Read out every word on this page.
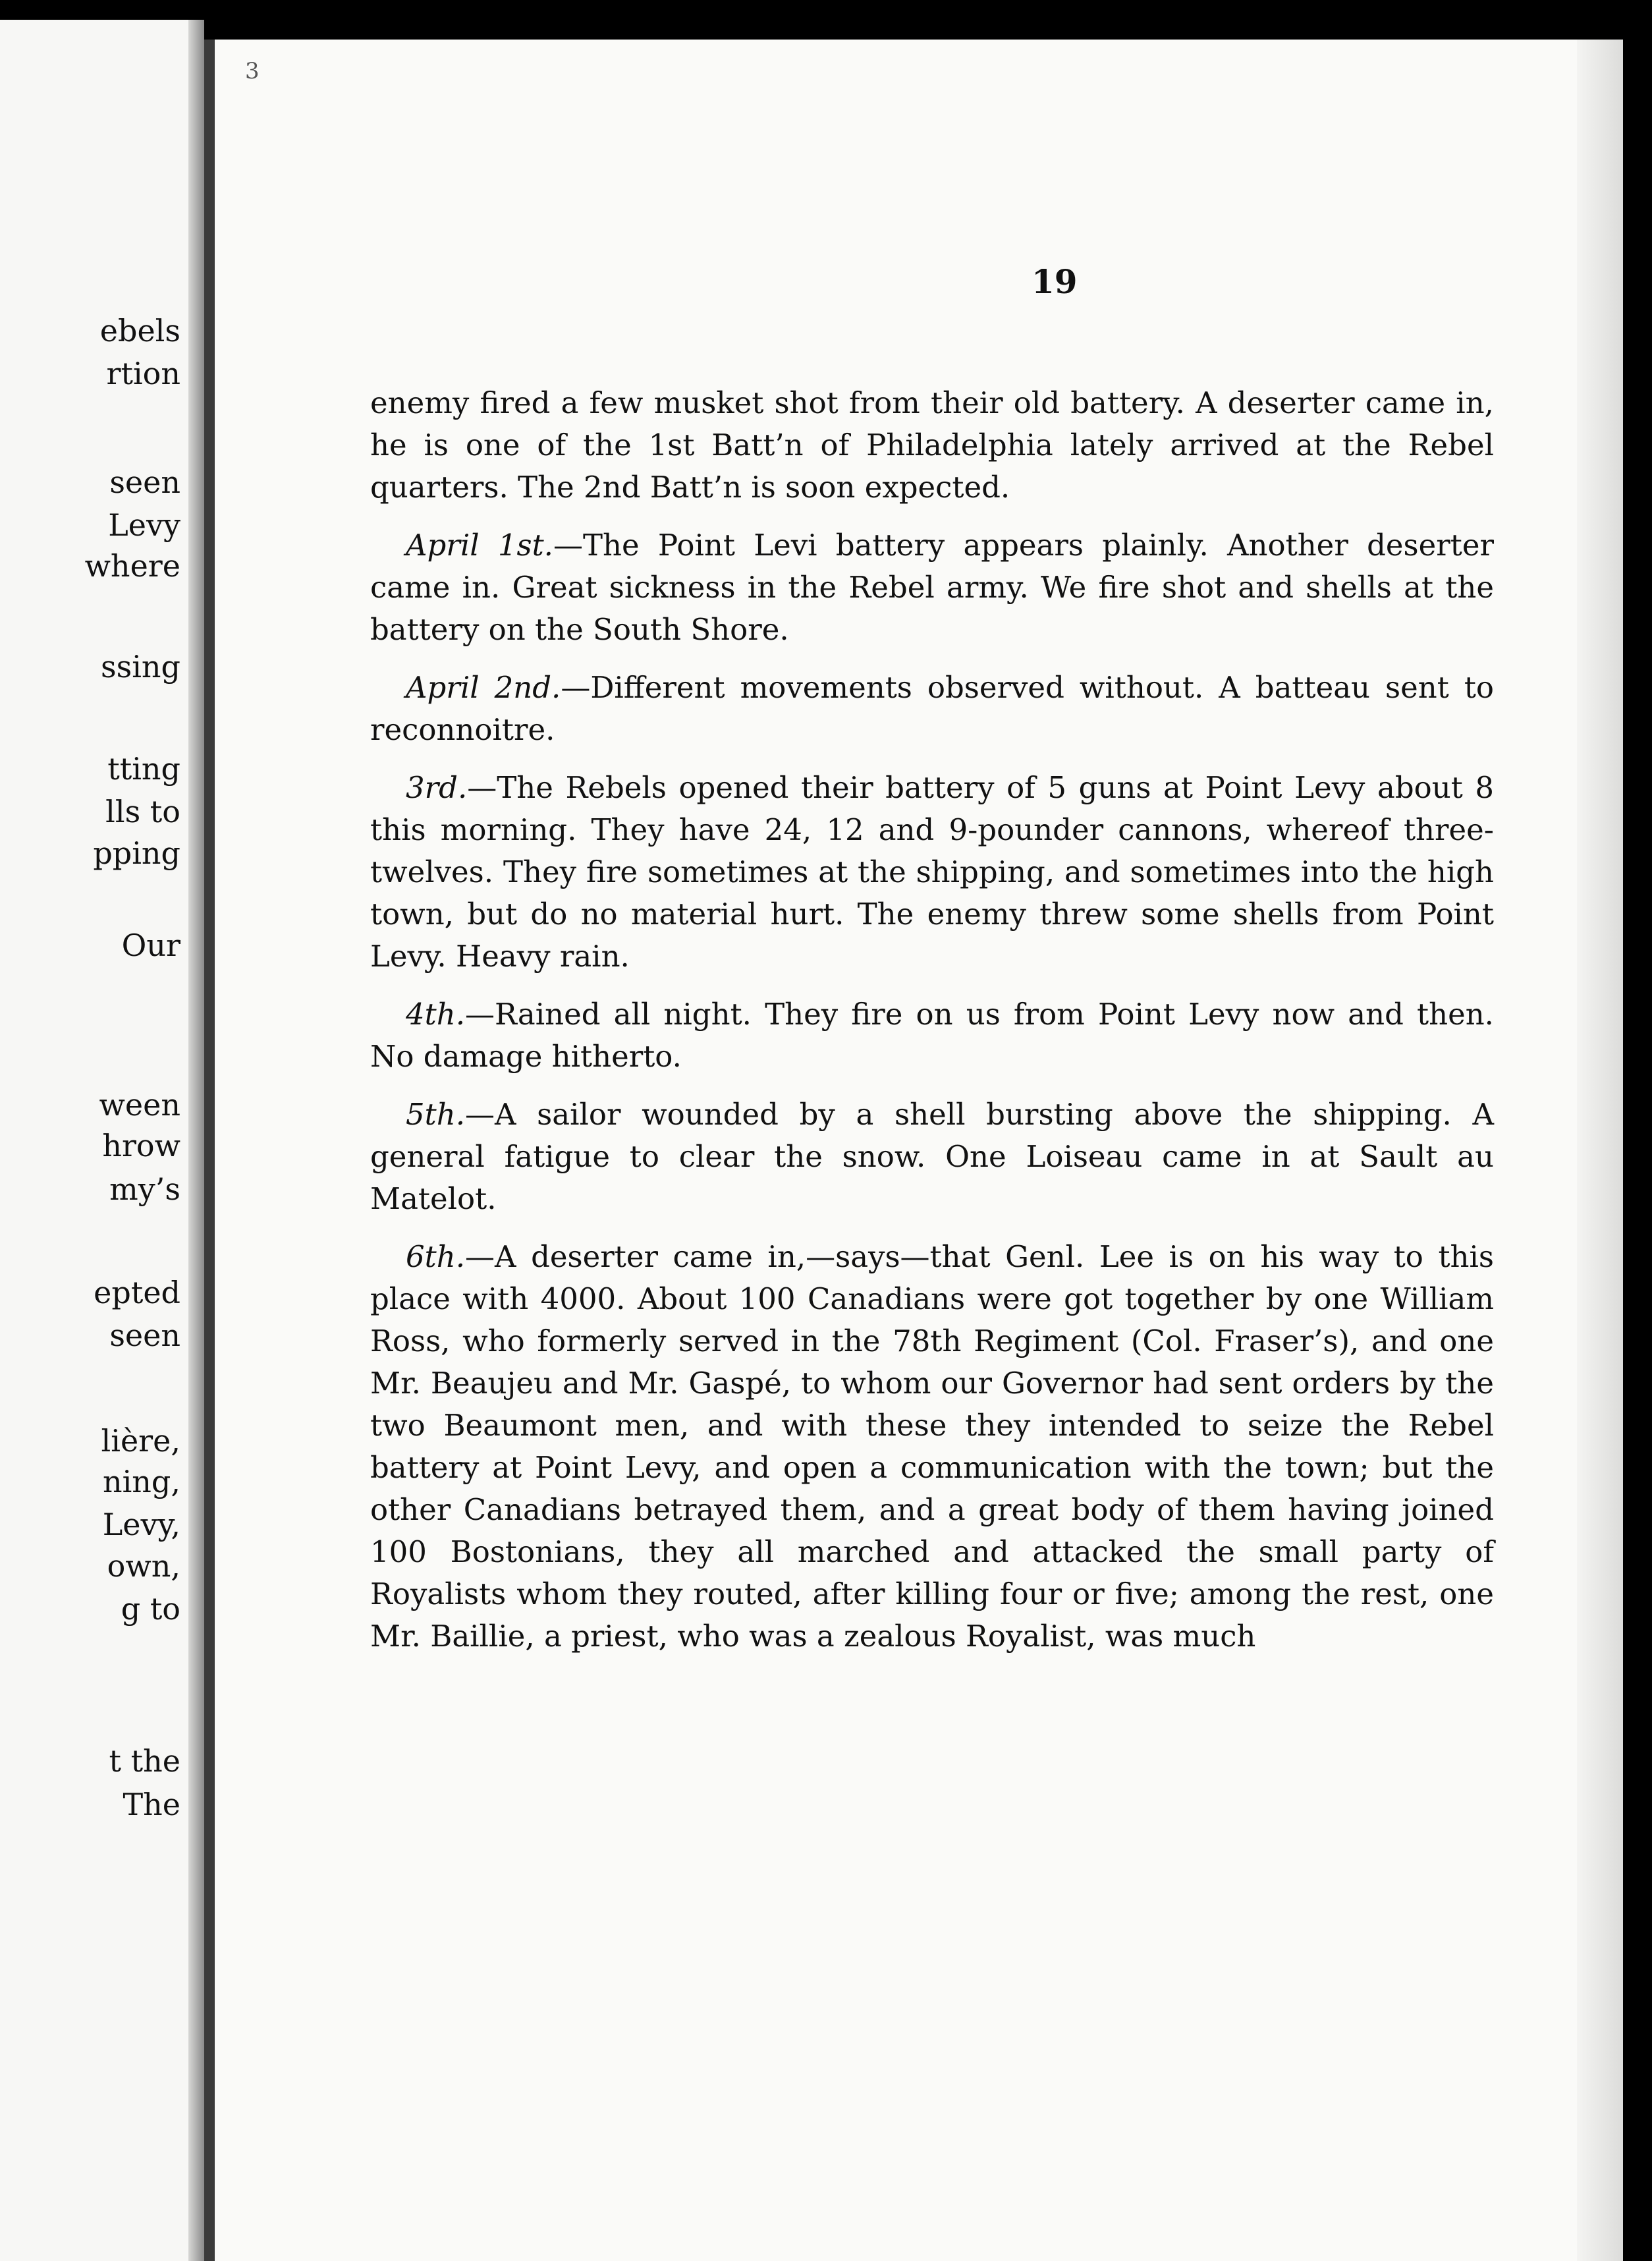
ebels
rtion
seen
Levy
where
ssing
tting
lls to
pping
Our
ween
hrow
my’s
epted
seen
lière,
ning,
Levy,
own,
g to
t the
The
3
19

enemy fired a few musket shot from their old battery. A deserter came in, he is one of the 1st Batt’n of Philadelphia lately arrived at the Rebel quarters. The 2nd Batt’n is soon expected.

April 1st.—The Point Levi battery appears plainly. Another deserter came in. Great sickness in the Rebel army. We fire shot and shells at the battery on the South Shore.

April 2nd.—Different movements observed without. A batteau sent to reconnoitre.

3rd.—The Rebels opened their battery of 5 guns at Point Levy about 8 this morning. They have 24, 12 and 9-pounder cannons, whereof three-twelves. They fire sometimes at the shipping, and sometimes into the high town, but do no material hurt. The enemy threw some shells from Point Levy. Heavy rain.

4th.—Rained all night. They fire on us from Point Levy now and then. No damage hitherto.

5th.—A sailor wounded by a shell bursting above the shipping. A general fatigue to clear the snow. One Loiseau came in at Sault au Matelot.

6th.—A deserter came in,—says—that Genl. Lee is on his way to this place with 4000. About 100 Canadians were got together by one William Ross, who formerly served in the 78th Regiment (Col. Fraser’s), and one Mr. Beaujeu and Mr. Gaspé, to whom our Governor had sent orders by the two Beaumont men, and with these they intended to seize the Rebel battery at Point Levy, and open a communication with the town; but the other Canadians betrayed them, and a great body of them having joined 100 Bostonians, they all marched and attacked the small party of Royalists whom they routed, after killing four or five; among the rest, one Mr. Baillie, a priest, who was a zealous Royalist, was much
